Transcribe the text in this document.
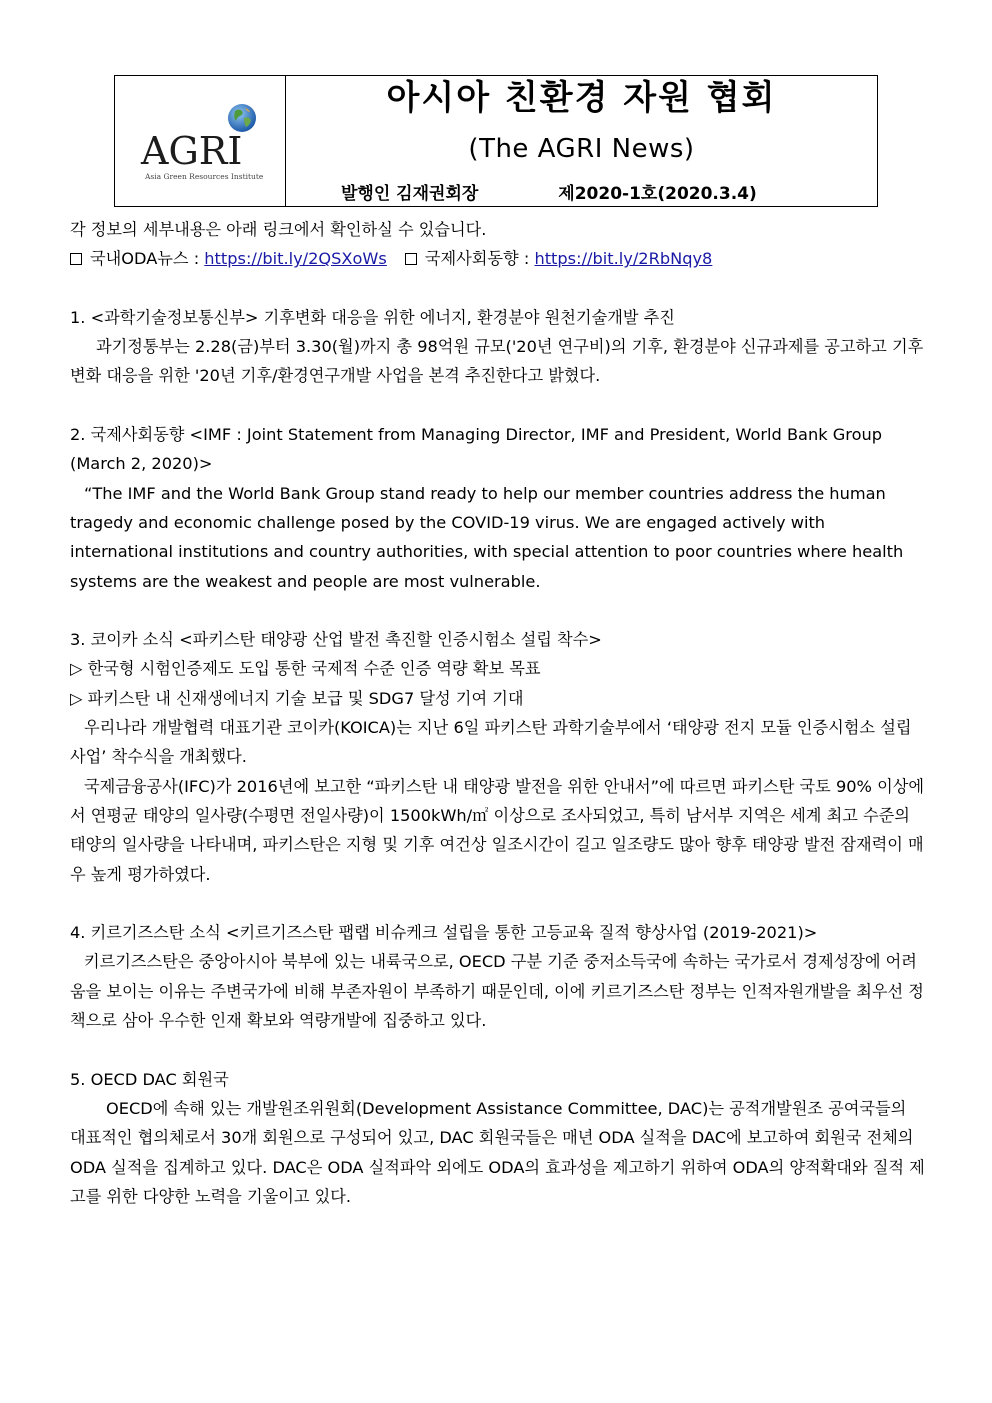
AGRI
Asia Green Resources Institute
아시아 친환경 자원 협회
(The AGRI News)
발행인 김재권회장	제2020-1호(2020.3.4)

각 정보의 세부내용은 아래 링크에서 확인하실 수 있습니다.

국내ODA뉴스 : https://bit.ly/2QSXoWs 국제사회동향 : https://bit.ly/2RbNqy8

1. <과학기술정보통신부> 기후변화 대응을 위한 에너지, 환경분야 원천기술개발 추진

과기정통부는 2.28(금)부터 3.30(월)까지 총 98억원 규모('20년 연구비)의 기후, 환경분야 신규과제를 공고하고 기후변화 대응을 위한 '20년 기후/환경연구개발 사업을 본격 추진한다고 밝혔다.

2. 국제사회동향 <IMF : Joint Statement from Managing Director, IMF and President, World Bank Group (March 2, 2020)>

“The IMF and the World Bank Group stand ready to help our member countries address the human tragedy and economic challenge posed by the COVID-19 virus. We are engaged actively with international institutions and country authorities, with special attention to poor countries where health systems are the weakest and people are most vulnerable.

3. 코이카 소식 <파키스탄 태양광 산업 발전 촉진할 인증시험소 설립 착수>

▷ 한국형 시험인증제도 도입 통한 국제적 수준 인증 역량 확보 목표

▷ 파키스탄 내 신재생에너지 기술 보급 및 SDG7 달성 기여 기대

우리나라 개발협력 대표기관 코이카(KOICA)는 지난 6일 파키스탄 과학기술부에서 ‘태양광 전지 모듈 인증시험소 설립사업’ 착수식을 개최했다.

국제금융공사(IFC)가 2016년에 보고한 “파키스탄 내 태양광 발전을 위한 안내서”에 따르면 파키스탄 국토 90% 이상에서 연평균 태양의 일사량(수평면 전일사량)이 1500kWh/㎡ 이상으로 조사되었고, 특히 남서부 지역은 세계 최고 수준의 태양의 일사량을 나타내며, 파키스탄은 지형 및 기후 여건상 일조시간이 길고 일조량도 많아 향후 태양광 발전 잠재력이 매우 높게 평가하였다.

4. 키르기즈스탄 소식 <키르기즈스탄 팹랩 비슈케크 설립을 통한 고등교육 질적 향상사업 (2019-2021)>

키르기즈스탄은 중앙아시아 북부에 있는 내륙국으로, OECD 구분 기준 중저소득국에 속하는 국가로서 경제성장에 어려움을 보이는 이유는 주변국가에 비해 부존자원이 부족하기 때문인데, 이에 키르기즈스탄 정부는 인적자원개발을 최우선 정책으로 삼아 우수한 인재 확보와 역량개발에 집중하고 있다.

5. OECD DAC 회원국

OECD에 속해 있는 개발원조위원회(Development Assistance Committee, DAC)는 공적개발원조 공여국들의 대표적인 협의체로서 30개 회원으로 구성되어 있고, DAC 회원국들은 매년 ODA 실적을 DAC에 보고하여 회원국 전체의 ODA 실적을 집계하고 있다. DAC은 ODA 실적파악 외에도 ODA의 효과성을 제고하기 위하여 ODA의 양적확대와 질적 제고를 위한 다양한 노력을 기울이고 있다.
